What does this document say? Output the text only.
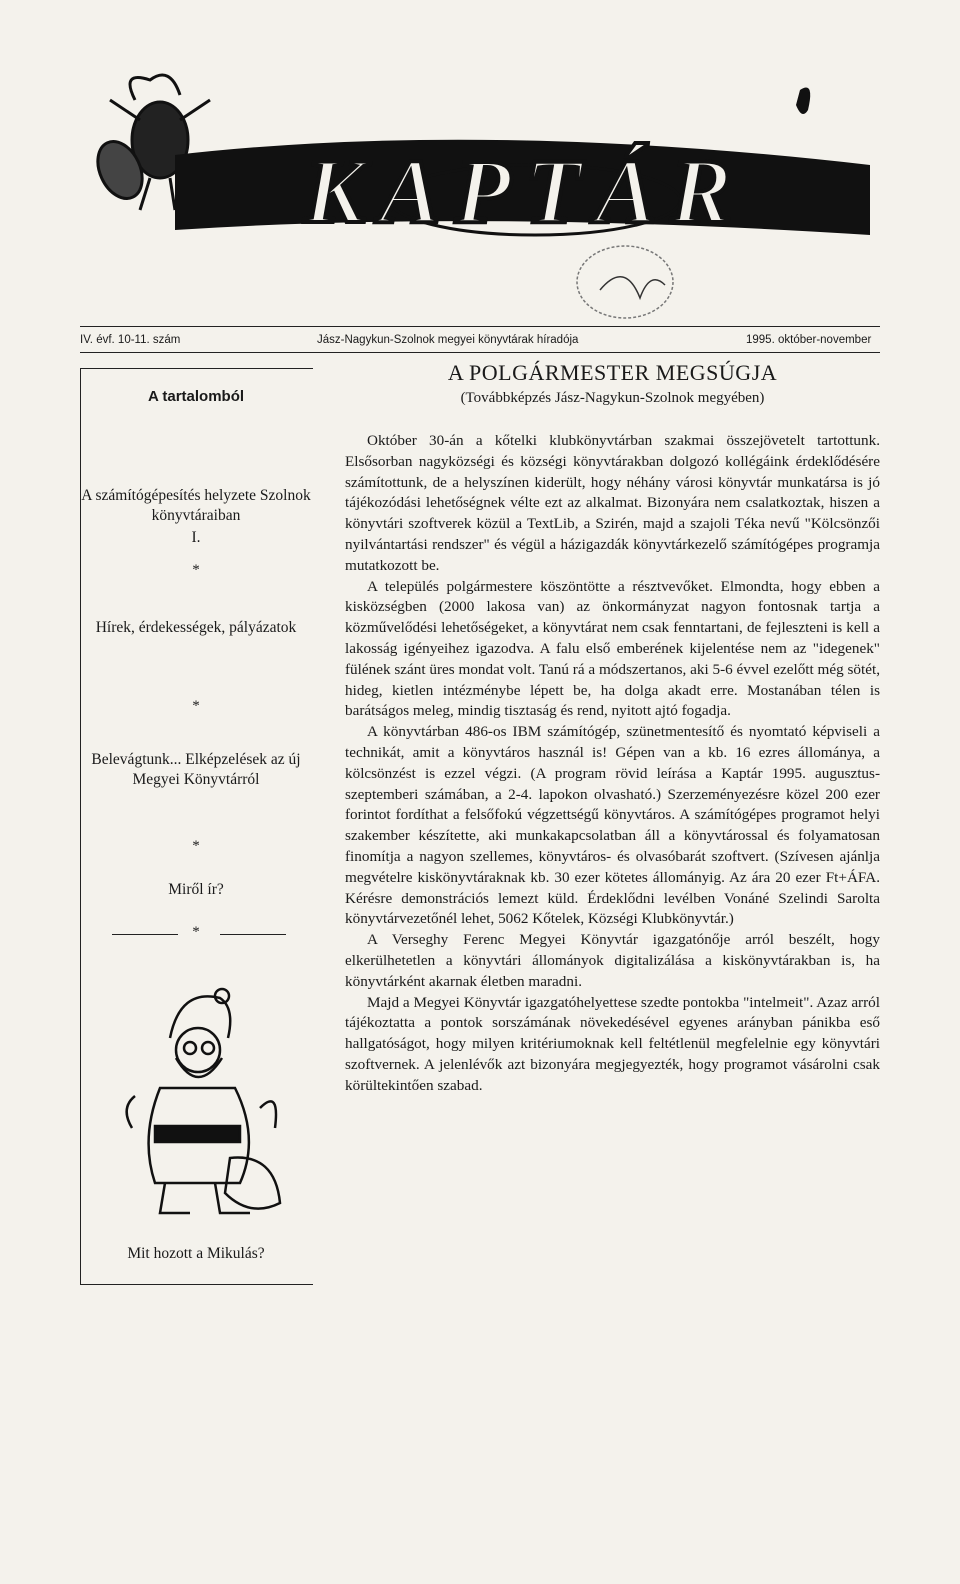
KAPTÁR
IV. évf. 10-11. szám	Jász-Nagykun-Szolnok megyei könyvtárak híradója	1995. október-november
A tartalomból
A számítógépesítés helyzete Szolnok könyvtáraiban
I.
*
Hírek, érdekességek, pályázatok
*
Belevágtunk... Elképzelések az új Megyei Könyvtárról
*
Miről ír?
*
Mit hozott a Mikulás?
A POLGÁRMESTER MEGSÚGJA
(Továbbképzés Jász-Nagykun-Szolnok megyében)

Október 30-án a kőtelki klubkönyvtárban szakmai összejövetelt tartottunk. Elsősorban nagyközségi és községi könyvtárakban dolgozó kollégáink érdeklődésére számítottunk, de a helyszínen kiderült, hogy néhány városi könyvtár munkatársa is jó tájékozódási lehetőségnek vélte ezt az alkalmat. Bizonyára nem csalatkoztak, hiszen a könyvtári szoftverek közül a TextLib, a Szirén, majd a szajoli Téka nevű "Kölcsönzői nyilvántartási rendszer" és végül a házigazdák könyvtárkezelő számítógépes programja mutatkozott be.

A település polgármestere köszöntötte a résztvevőket. Elmondta, hogy ebben a kisközségben (2000 lakosa van) az önkormányzat nagyon fontosnak tartja a közművelődési lehetőségeket, a könyvtárat nem csak fenntartani, de fejleszteni is kell a lakosság igényeihez igazodva. A falu első emberének kijelentése nem az "idegenek" fülének szánt üres mondat volt. Tanú rá a módszertanos, aki 5-6 évvel ezelőtt még sötét, hideg, kietlen intézménybe lépett be, ha dolga akadt erre. Mostanában télen is barátságos meleg, mindig tisztaság és rend, nyitott ajtó fogadja.

A könyvtárban 486-os IBM számítógép, szünetmentesítő és nyomtató képviseli a technikát, amit a könyvtáros használ is! Gépen van a kb. 16 ezres állománya, a kölcsönzést is ezzel végzi. (A program rövid leírása a Kaptár 1995. augusztus-szeptemberi számában, a 2-4. lapokon olvasható.) Szerzeményezésre közel 200 ezer forintot fordíthat a felsőfokú végzettségű könyvtáros. A számítógépes programot helyi szakember készítette, aki munkakapcsolatban áll a könyvtárossal és folyamatosan finomítja a nagyon szellemes, könyvtáros- és olvasóbarát szoftvert. (Szívesen ajánlja megvételre kiskönyvtáraknak kb. 30 ezer kötetes állományig. Az ára 20 ezer Ft+ÁFA. Kérésre demonstrációs lemezt küld. Érdeklődni levélben Vonáné Szelindi Sarolta könyvtárvezetőnél lehet, 5062 Kőtelek, Községi Klubkönyvtár.)

A Verseghy Ferenc Megyei Könyvtár igazgatónője arról beszélt, hogy elkerülhetetlen a könyvtári állományok digitalizálása a kiskönyvtárakban is, ha könyvtárként akarnak életben maradni.

Majd a Megyei Könyvtár igazgatóhelyettese szedte pontokba "intelmeit". Azaz arról tájékoztatta a pontok sorszámának növekedésével egyenes arányban pánikba eső hallgatóságot, hogy milyen kritériumoknak kell feltétlenül megfelelnie egy könyvtári szoftvernek. A jelenlévők azt bizonyára megjegyezték, hogy programot vásárolni csak körültekintően szabad.
